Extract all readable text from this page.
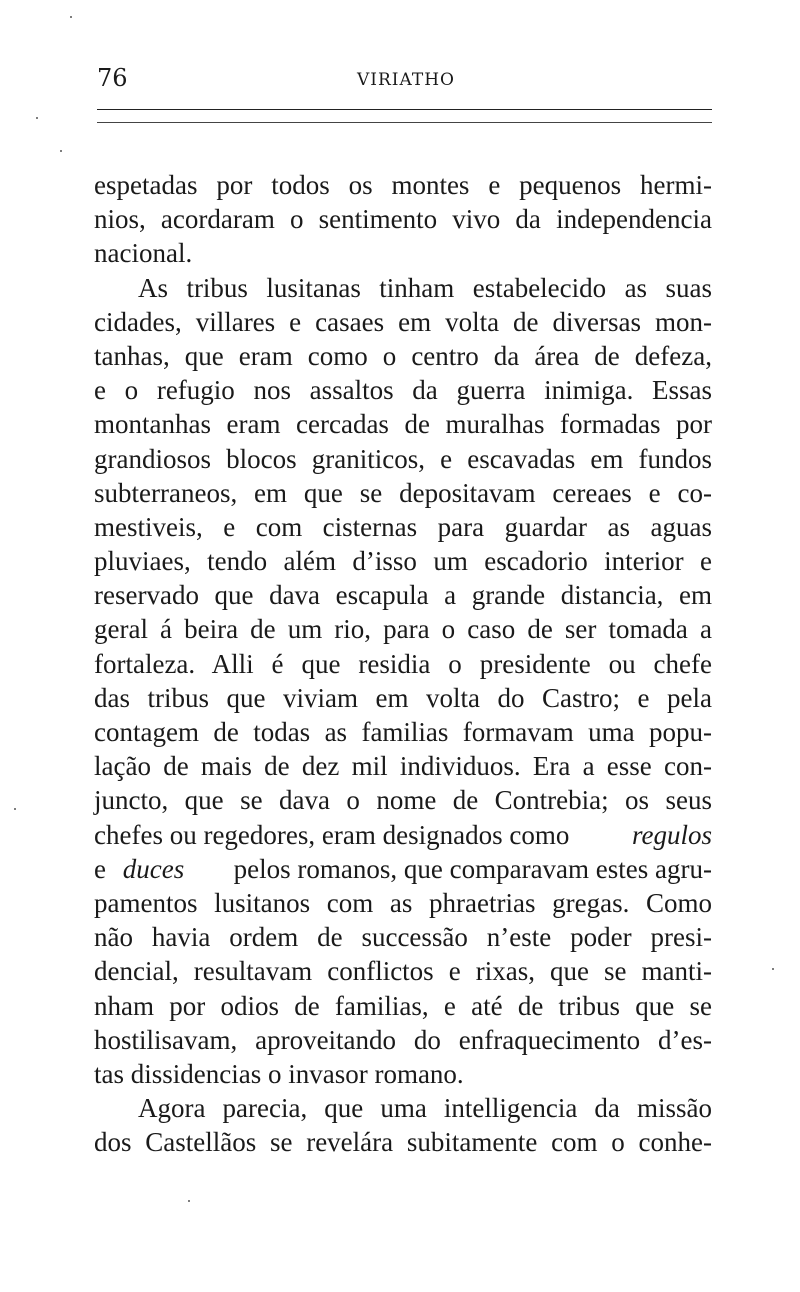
76	VIRIATHO
espetadas por todos os montes e pequenos hermi-
nios, acordaram o sentimento vivo da independencia
nacional.
As tribus lusitanas tinham estabelecido as suas
cidades, villares e casaes em volta de diversas mon-
tanhas, que eram como o centro da área de defeza,
e o refugio nos assaltos da guerra inimiga. Essas
montanhas eram cercadas de muralhas formadas por
grandiosos blocos graniticos, e escavadas em fundos
subterraneos, em que se depositavam cereaes e co-
mestiveis, e com cisternas para guardar as aguas
pluviaes, tendo além d’isso um escadorio interior e
reservado que dava escapula a grande distancia, em
geral á beira de um rio, para o caso de ser tomada a
fortaleza. Alli é que residia o presidente ou chefe
das tribus que viviam em volta do Castro; e pela
contagem de todas as familias formavam uma popu-
lação de mais de dez mil individuos. Era a esse con-
juncto, que se dava o nome de Contrebia; os seus
chefes ou regedores, eram designados como regulos
e duces pelos romanos, que comparavam estes agru-
pamentos lusitanos com as phraetrias gregas. Como
não havia ordem de successão n’este poder presi-
dencial, resultavam conflictos e rixas, que se manti-
nham por odios de familias, e até de tribus que se
hostilisavam, aproveitando do enfraquecimento d’es-
tas dissidencias o invasor romano.
Agora parecia, que uma intelligencia da missão
dos Castellãos se revelára subitamente com o conhe-
